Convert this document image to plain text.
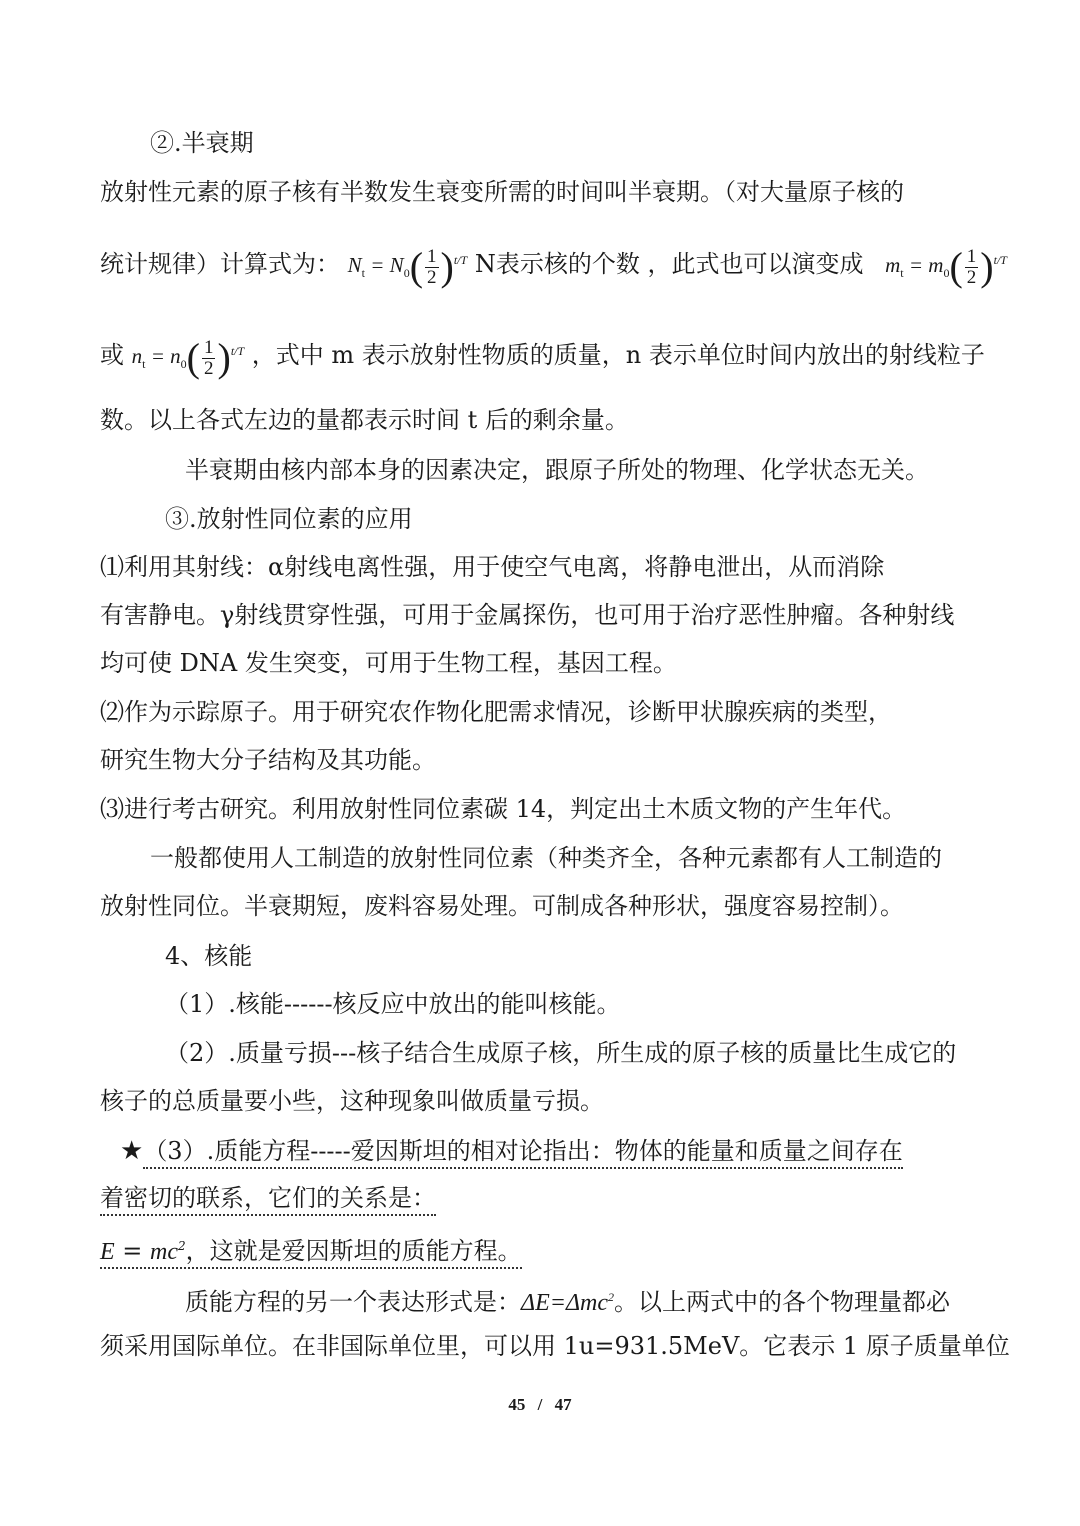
②.半衰期
放射性元素的原子核有半数发生衰变所需的时间叫半衰期。（对大量原子核的
统计规律）计算式为： $N_t = N_0( \frac{1}{2} )^{t/T}$ N表示核的个数 ，此式也可以演变成 $m_t = m_0( \frac{1}{2} )^{t/T}$
或 $n_t = n_0( \frac{1}{2} )^{t/T}$ ，式中 m 表示放射性物质的质量，n 表示单位时间内放出的射线粒子
数。以上各式左边的量都表示时间 t 后的剩余量。
半衰期由核内部本身的因素决定，跟原子所处的物理、化学状态无关。
③.放射性同位素的应用
⑴利用其射线：α射线电离性强，用于使空气电离，将静电泄出，从而消除
有害静电。γ射线贯穿性强，可用于金属探伤，也可用于治疗恶性肿瘤。各种射线
均可使 DNA 发生突变，可用于生物工程，基因工程。
⑵作为示踪原子。用于研究农作物化肥需求情况，诊断甲状腺疾病的类型，
研究生物大分子结构及其功能。
⑶进行考古研究。利用放射性同位素碳 14，判定出土木质文物的产生年代。
一般都使用人工制造的放射性同位素（种类齐全，各种元素都有人工制造的
放射性同位。半衰期短，废料容易处理。可制成各种形状，强度容易控制）。
4、核能
（1）.核能------核反应中放出的能叫核能。
（2）.质量亏损---核子结合生成原子核，所生成的原子核的质量比生成它的
核子的总质量要小些，这种现象叫做质量亏损。
★（3）.质能方程-----爱因斯坦的相对论指出：物体的能量和质量之间存在
着密切的联系，它们的关系是：
$E = mc^2$，这就是爱因斯坦的质能方程。
质能方程的另一个表达形式是：ΔE=Δmc$^2$。以上两式中的各个物理量都必
须采用国际单位。在非国际单位里，可以用 1u=931.5MeV。它表示 1 原子质量单位
45 / 47
